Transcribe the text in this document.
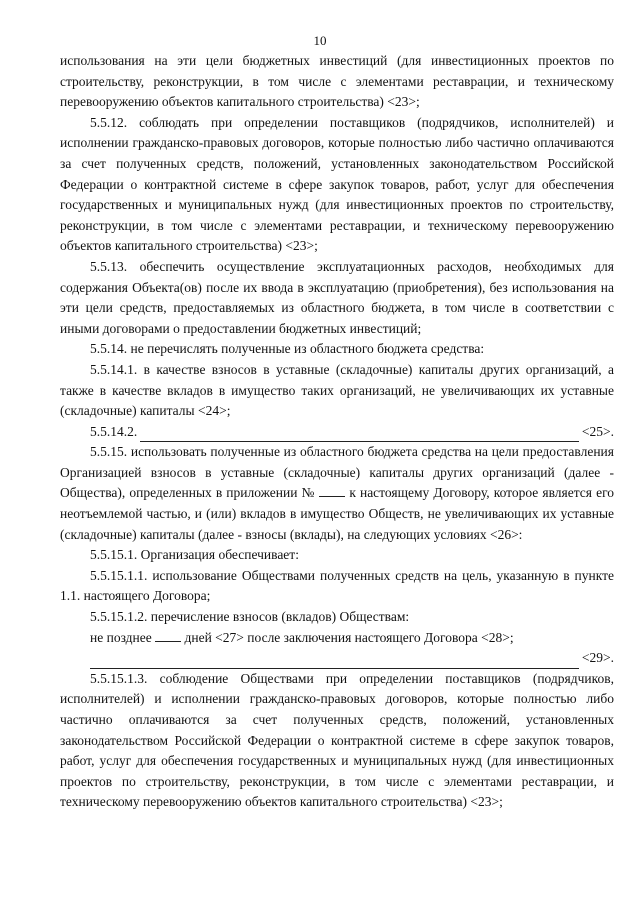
10

использования на эти цели бюджетных инвестиций (для инвестиционных проектов по строительству, реконструкции, в том числе с элементами реставрации, и техническому перевооружению объектов капитального строительства) <23>;

5.5.12. соблюдать при определении поставщиков (подрядчиков, исполнителей) и исполнении гражданско-правовых договоров, которые полностью либо частично оплачиваются за счет полученных средств, положений, установленных законодательством Российской Федерации о контрактной системе в сфере закупок товаров, работ, услуг для обеспечения государственных и муниципальных нужд (для инвестиционных проектов по строительству, реконструкции, в том числе с элементами реставрации, и техническому перевооружению объектов капитального строительства) <23>;

5.5.13. обеспечить осуществление эксплуатационных расходов, необходимых для содержания Объекта(ов) после их ввода в эксплуатацию (приобретения), без использования на эти цели средств, предоставляемых из областного бюджета, в том числе в соответствии с иными договорами о предоставлении бюджетных инвестиций;

5.5.14. не перечислять полученные из областного бюджета средства:

5.5.14.1. в качестве взносов в уставные (складочные) капиталы других организаций, а также в качестве вкладов в имущество таких организаций, не увеличивающих их уставные (складочные) капиталы <24>;

5.5.14.2.	<25>.

5.5.15. использовать полученные из областного бюджета средства на цели предоставления Организацией взносов в уставные (складочные) капиталы других организаций (далее - Общества), определенных в приложении №	к настоящему Договору, которое является его неотъемлемой частью, и (или) вкладов в имущество Обществ, не увеличивающих их уставные (складочные) капиталы (далее - взносы (вклады), на следующих условиях <26>:

5.5.15.1. Организация обеспечивает:

5.5.15.1.1. использование Обществами полученных средств на цель, указанную в пункте 1.1. настоящего Договора;

5.5.15.1.2. перечисление взносов (вкладов) Обществам:

не позднее дней <27> после заключения настоящего Договора <28>;

<29>.

5.5.15.1.3. соблюдение Обществами при определении поставщиков (подрядчиков, исполнителей) и исполнении гражданско-правовых договоров, которые полностью либо частично оплачиваются за счет полученных средств, положений, установленных законодательством Российской Федерации о контрактной системе в сфере закупок товаров, работ, услуг для обеспечения государственных и муниципальных нужд (для инвестиционных проектов по строительству, реконструкции, в том числе с элементами реставрации, и техническому перевооружению объектов капитального строительства) <23>;
